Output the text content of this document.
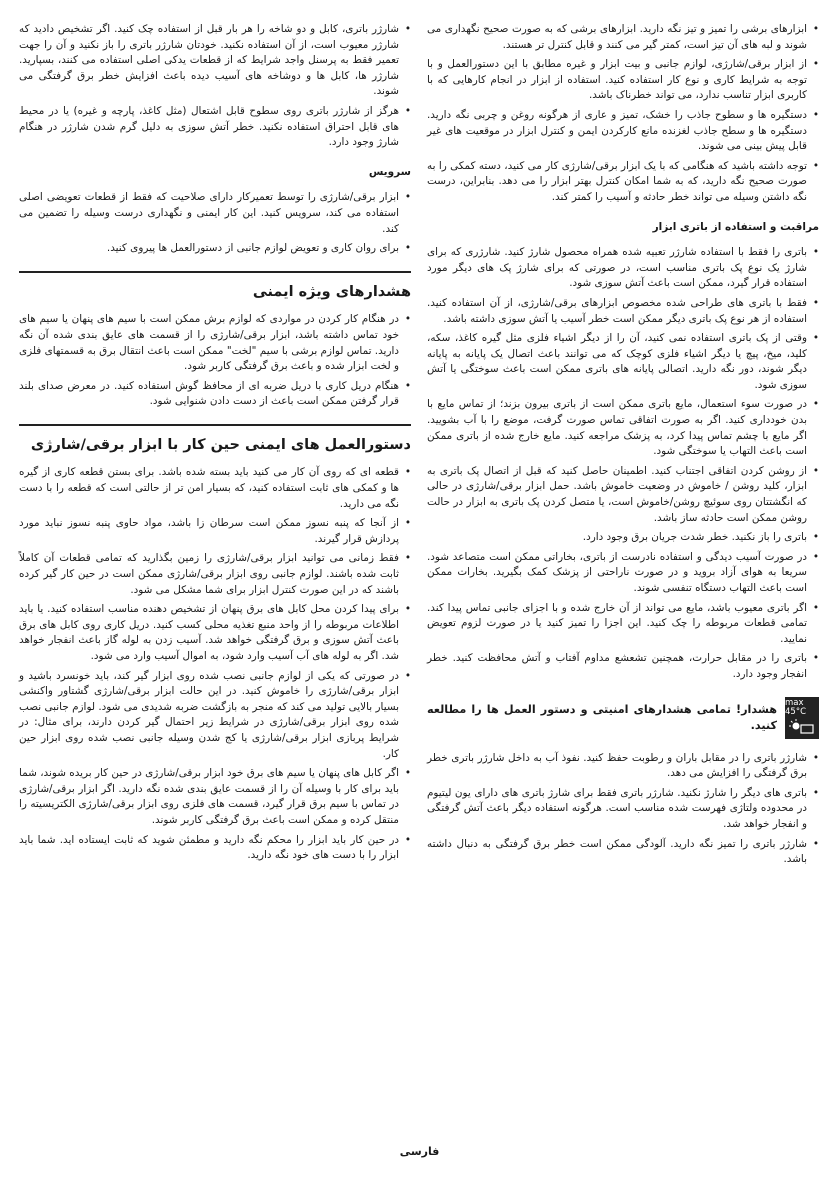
• ابزارهای برشی را تمیز و تیز نگه دارید. ابزارهای برشی که به صورت صحیح نگهداری می شوند و لبه های آن تیز است، کمتر گیر می کنند و قابل کنترل تر هستند.
• از ابزار برقی/شارژی، لوازم جانبی و بیت ابزار و غیره مطابق با این دستورالعمل و با توجه به شرایط کاری و نوع کار استفاده کنید. استفاده از ابزار در انجام کارهایی که با کاربری ابزار تناسب ندارد، می تواند خطرناک باشد.
• دستگیره ها و سطوح جاذب را خشک، تمیز و عاری از هرگونه روغن و چربی نگه دارید. دستگیره ها و سطح جاذب لغزنده مانع کارکردن ایمن و کنترل ابزار در موقعیت های غیر قابل پیش بینی می شوند.
• توجه داشته باشید که هنگامی که با یک ابزار برقی/شارژی کار می کنید، دسته کمکی را به صورت صحیح نگه دارید، که به شما امکان کنترل بهتر ابزار را می دهد. بنابراین، درست نگه داشتن وسیله می تواند خطر حادثه و آسیب را کمتر کند.
مراقبت و استفاده از باتری ابزار
• باتری را فقط با استفاده شارژر تعبیه شده همراه محصول شارژ کنید. شارژری که برای شارژ یک نوع پک باتری مناسب است، در صورتی که برای شارژ پک های دیگر مورد استفاده قرار گیرد، ممکن است باعث آتش سوزی شود.
• فقط با باتری های طراحی شده مخصوص ابزارهای برقی/شارژی، از آن استفاده کنید. استفاده از هر نوع پک باتری دیگر ممکن است خطر آسیب یا آتش سوزی داشته باشد.
• وقتی از پک باتری استفاده نمی کنید، آن را از دیگر اشیاء فلزی مثل گیره کاغذ، سکه، کلید، میخ، پیچ یا دیگر اشیاء فلزی کوچک که می توانند باعث اتصال یک پایانه به پایانه دیگر شوند، دور نگه دارید. اتصالی پایانه های باتری ممکن است باعث سوختگی یا آتش سوزی شود.
• در صورت سوء استعمال، مایع باتری ممکن است از باتری بیرون بزند؛ از تماس مایع با بدن خودداری کنید. اگر به صورت اتفاقی تماس صورت گرفت، موضع را با آب بشویید. اگر مایع با چشم تماس پیدا کرد، به پزشک مراجعه کنید. مایع خارج شده از باتری ممکن است باعث التهاب یا سوختگی شود.
• از روشن کردن اتفاقی اجتناب کنید. اطمینان حاصل کنید که قبل از اتصال پک باتری به ابزار، کلید روشن / خاموش در وضعیت خاموش باشد. حمل ابزار برقی/شارژی در حالی که انگشتتان روی سوئیچ روشن/خاموش است، یا متصل کردن پک باتری به ابزار در حالت روشن ممکن است حادثه ساز باشد.
• باتری را باز نکنید. خطر شدت جریان برق وجود دارد.
• در صورت آسیب دیدگی و استفاده نادرست از باتری، بخاراتی ممکن است متصاعد شود. سریعا به هوای آزاد بروید و در صورت ناراحتی از پزشک کمک بگیرید. بخارات ممکن است باعث التهاب دستگاه تنفسی شوند.
• اگر باتری معیوب باشد، مایع می تواند از آن خارج شده و با اجزای جانبی تماس پیدا کند. تمامی قطعات مربوطه را چک کنید. این اجزا را تمیز کنید یا در صورت لزوم تعویض نمایید.
• باتری را در مقابل حرارت، همچنین تشعشع مداوم آفتاب و آتش محافظت کنید. خطر انفجار وجود دارد.
max 45°C
هشدار! تمامی هشدارهای امنیتی و دستور العمل ها را مطالعه کنید.
• شارژر باتری را در مقابل باران و رطوبت حفظ کنید. نفوذ آب به داخل شارژر باتری خطر برق گرفتگی را افزایش می دهد.
• باتری های دیگر را شارژ نکنید. شارژر باتری فقط برای شارژ باتری های دارای یون لیتیوم در محدوده ولتاژی فهرست شده مناسب است. هرگونه استفاده دیگر باعث آتش گرفتگی و انفجار خواهد شد.
• شارژر باتری را تمیز نگه دارید. آلودگی ممکن است خطر برق گرفتگی به دنبال داشته باشد.
• شارژر باتری، کابل و دو شاخه را هر بار قبل از استفاده چک کنید. اگر تشخیص دادید که شارژر معیوب است، از آن استفاده نکنید. خودتان شارژر باتری را باز نکنید و آن را جهت تعمیر فقط به پرسنل واجد شرایط که از قطعات یدکی اصلی استفاده می کنند، بسپارید. شارژر ها، کابل ها و دوشاخه های آسیب دیده باعث افزایش خطر برق گرفتگی می شوند.
• هرگز از شارژر باتری روی سطوح قابل اشتعال (مثل کاغذ، پارچه و غیره) یا در محیط های قابل احتراق استفاده نکنید. خطر آتش سوزی به دلیل گرم شدن شارژر در هنگام شارژ وجود دارد.
سرویس
• ابزار برقی/شارژی را توسط تعمیرکار دارای صلاحیت که فقط از قطعات تعویضی اصلی استفاده می کند، سرویس کنید. این کار ایمنی و نگهداری درست وسیله را تضمین می کند.
• برای روان کاری و تعویض لوازم جانبی از دستورالعمل ها پیروی کنید.
هشدارهای ویژه ایمنی
• در هنگام کار کردن در مواردی که لوازم برش ممکن است با سیم های پنهان یا سیم های خود تماس داشته باشد، ابزار برقی/شارژی را از قسمت های عایق بندی شده آن نگه دارید. تماس لوازم برشی با سیم "لخت" ممکن است باعث انتقال برق به قسمتهای فلزی و لخت ابزار شده و باعث برق گرفتگی کاربر شود.
• هنگام دریل کاری با دریل ضربه ای از محافظ گوش استفاده کنید. در معرض صدای بلند قرار گرفتن ممکن است باعث از دست دادن شنوایی شود.
دستورالعمل های ایمنی حین کار با ابزار برقی/شارژی
• قطعه ای که روی آن کار می کنید باید بسته شده باشد. برای بستن قطعه کاری از گیره ها و کمکی های ثابت استفاده کنید، که بسیار امن تر از حالتی است که قطعه را با دست نگه می دارید.
• از آنجا که پنبه نسوز ممکن است سرطان زا باشد، مواد حاوی پنبه نسوز نباید مورد پردازش قرار گیرند.
• فقط زمانی می توانید ابزار برقی/شارژی را زمین بگذارید که تمامی قطعات آن کاملاً ثابت شده باشند. لوازم جانبی روی ابزار برقی/شارژی ممکن است در حین کار گیر کرده باشند که در این صورت کنترل ابزار برای شما مشکل می شود.
• برای پیدا کردن محل کابل های برق پنهان از تشخیص دهنده مناسب استفاده کنید. یا باید اطلاعات مربوطه را از واحد منبع تغذیه محلی کسب کنید. دریل کاری روی کابل های برق باعث آتش سوزی و برق گرفتگی خواهد شد. آسیب زدن به لوله گاز باعث انفجار خواهد شد. اگر به لوله های آب آسیب وارد شود، به اموال آسیب وارد می شود.
• در صورتی که یکی از لوازم جانبی نصب شده روی ابزار گیر کند، باید خونسرد باشید و ابزار برقی/شارژی را خاموش کنید. در این حالت ابزار برقی/شارژی گشتاور واکنشی بسیار بالایی تولید می کند که منجر به بازگشت ضربه شدیدی می شود. لوازم جانبی نصب شده روی ابزار برقی/شارژی در شرایط زیر احتمال گیر کردن دارند، برای مثال: در شرایط پربازی ابزار برقی/شارژی یا کج شدن وسیله جانبی نصب شده روی ابزار حین کار.
• اگر کابل های پنهان یا سیم های برق خود ابزار برقی/شارژی در حین کار بریده شوند، شما باید برای کار با وسیله آن را از قسمت عایق بندی شده نگه دارید. اگر ابزار برقی/شارژی در تماس با سیم برق قرار گیرد، قسمت های فلزی روی ابزار برقی/شارژی الکتریسیته را منتقل کرده و ممکن است باعث برق گرفتگی کاربر شوند.
• در حین کار باید ابزار را محکم نگه دارید و مطمئن شوید که ثابت ایستاده اید. شما باید ابزار را با دست های خود نگه دارید.
فارسی
